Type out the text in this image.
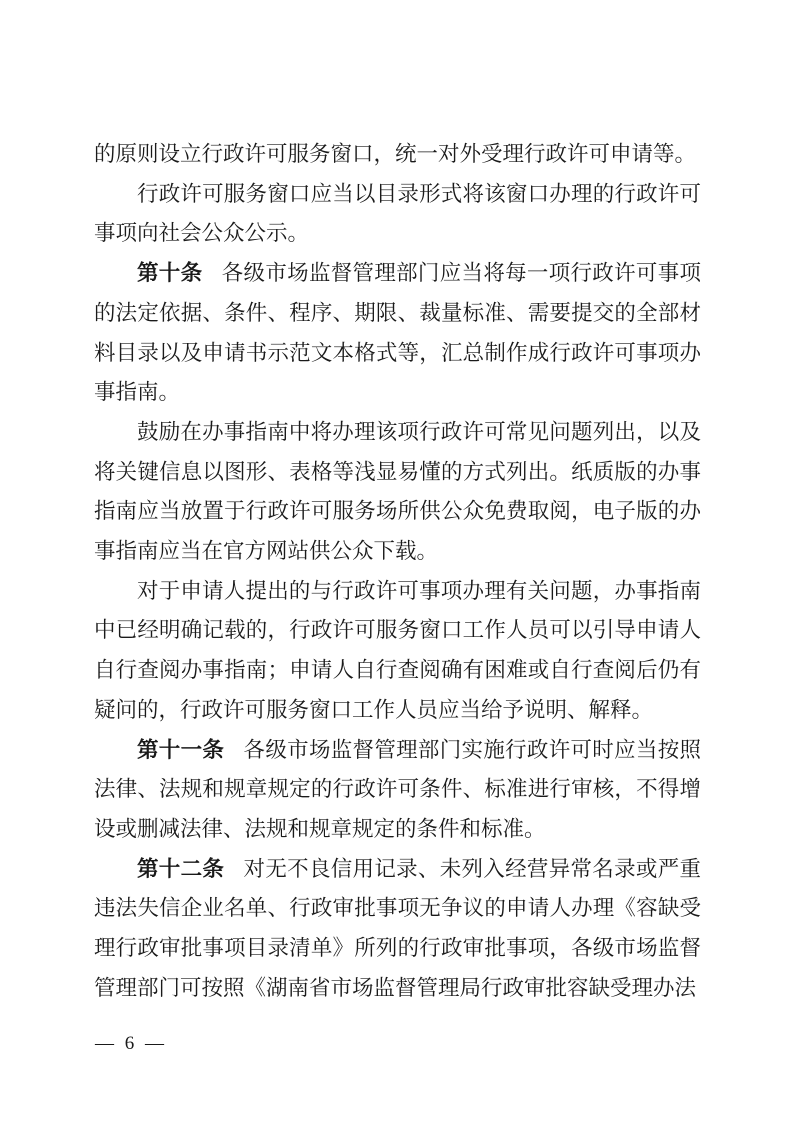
的原则设立行政许可服务窗口，统一对外受理行政许可申请等。

行政许可服务窗口应当以目录形式将该窗口办理的行政许可事项向社会公众公示。

第十条 各级市场监督管理部门应当将每一项行政许可事项的法定依据、条件、程序、期限、裁量标准、需要提交的全部材料目录以及申请书示范文本格式等，汇总制作成行政许可事项办事指南。

鼓励在办事指南中将办理该项行政许可常见问题列出，以及将关键信息以图形、表格等浅显易懂的方式列出。纸质版的办事指南应当放置于行政许可服务场所供公众免费取阅，电子版的办事指南应当在官方网站供公众下载。

对于申请人提出的与行政许可事项办理有关问题，办事指南中已经明确记载的，行政许可服务窗口工作人员可以引导申请人自行查阅办事指南；申请人自行查阅确有困难或自行查阅后仍有疑问的，行政许可服务窗口工作人员应当给予说明、解释。

第十一条 各级市场监督管理部门实施行政许可时应当按照法律、法规和规章规定的行政许可条件、标准进行审核，不得增设或删减法律、法规和规章规定的条件和标准。

第十二条 对无不良信用记录、未列入经营异常名录或严重违法失信企业名单、行政审批事项无争议的申请人办理《容缺受理行政审批事项目录清单》所列的行政审批事项，各级市场监督管理部门可按照《湖南省市场监督管理局行政审批容缺受理办法

— 6 —
